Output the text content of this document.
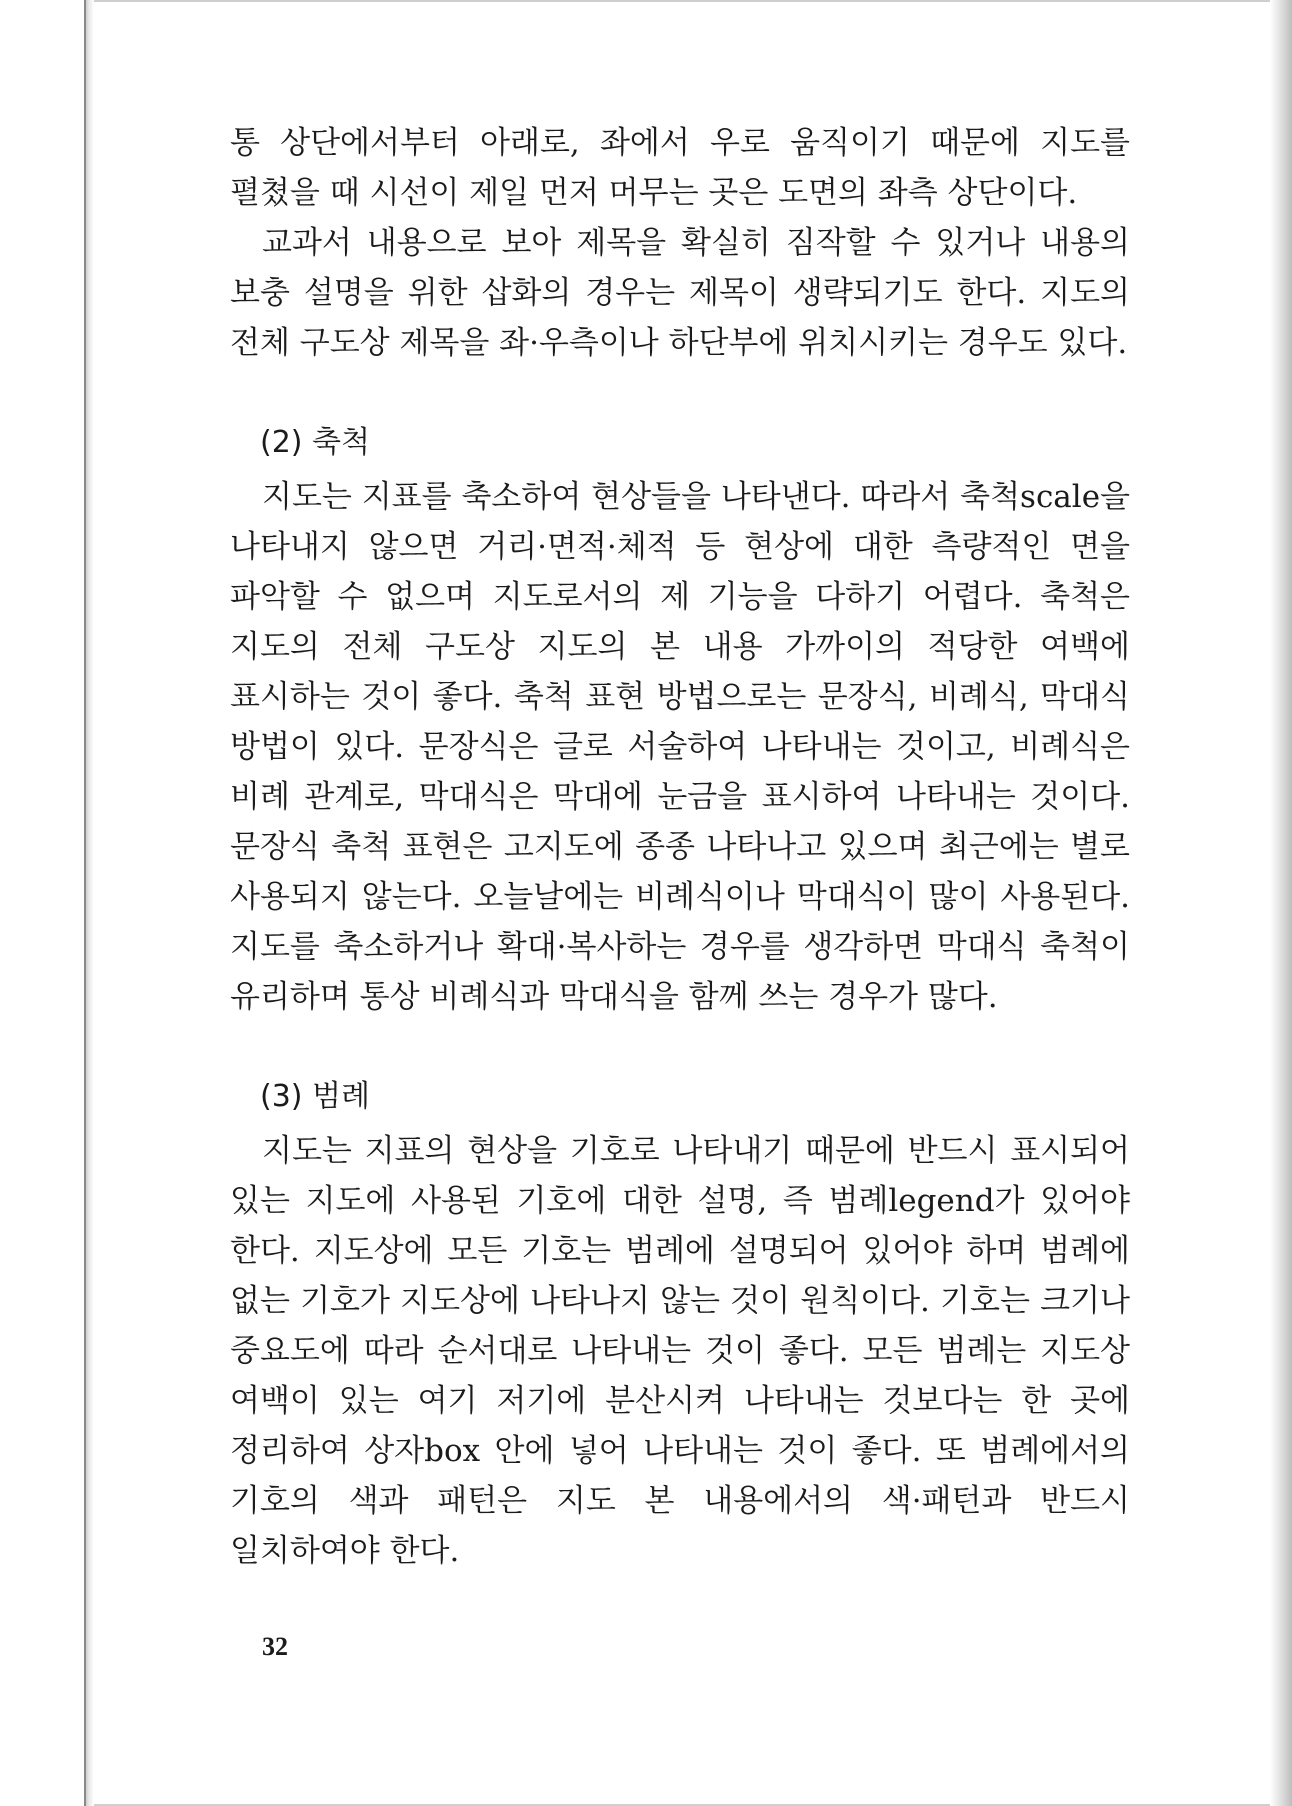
통 상단에서부터 아래로, 좌에서 우로 움직이기 때문에 지도를 펼쳤을 때 시선이 제일 먼저 머무는 곳은 도면의 좌측 상단이다.

교과서 내용으로 보아 제목을 확실히 짐작할 수 있거나 내용의 보충 설명을 위한 삽화의 경우는 제목이 생략되기도 한다. 지도의 전체 구도상 제목을 좌·우측이나 하단부에 위치시키는 경우도 있다.

(2) 축척

지도는 지표를 축소하여 현상들을 나타낸다. 따라서 축척scale을 나타내지 않으면 거리·면적·체적 등 현상에 대한 측량적인 면을 파악할 수 없으며 지도로서의 제 기능을 다하기 어렵다. 축척은 지도의 전체 구도상 지도의 본 내용 가까이의 적당한 여백에 표시하는 것이 좋다. 축척 표현 방법으로는 문장식, 비례식, 막대식 방법이 있다. 문장식은 글로 서술하여 나타내는 것이고, 비례식은 비례 관계로, 막대식은 막대에 눈금을 표시하여 나타내는 것이다. 문장식 축척 표현은 고지도에 종종 나타나고 있으며 최근에는 별로 사용되지 않는다. 오늘날에는 비례식이나 막대식이 많이 사용된다. 지도를 축소하거나 확대·복사하는 경우를 생각하면 막대식 축척이 유리하며 통상 비례식과 막대식을 함께 쓰는 경우가 많다.

(3) 범례

지도는 지표의 현상을 기호로 나타내기 때문에 반드시 표시되어 있는 지도에 사용된 기호에 대한 설명, 즉 범례legend가 있어야 한다. 지도상에 모든 기호는 범례에 설명되어 있어야 하며 범례에 없는 기호가 지도상에 나타나지 않는 것이 원칙이다. 기호는 크기나 중요도에 따라 순서대로 나타내는 것이 좋다. 모든 범례는 지도상 여백이 있는 여기 저기에 분산시켜 나타내는 것보다는 한 곳에 정리하여 상자box 안에 넣어 나타내는 것이 좋다. 또 범례에서의 기호의 색과 패턴은 지도 본 내용에서의 색·패턴과 반드시 일치하여야 한다.

32
